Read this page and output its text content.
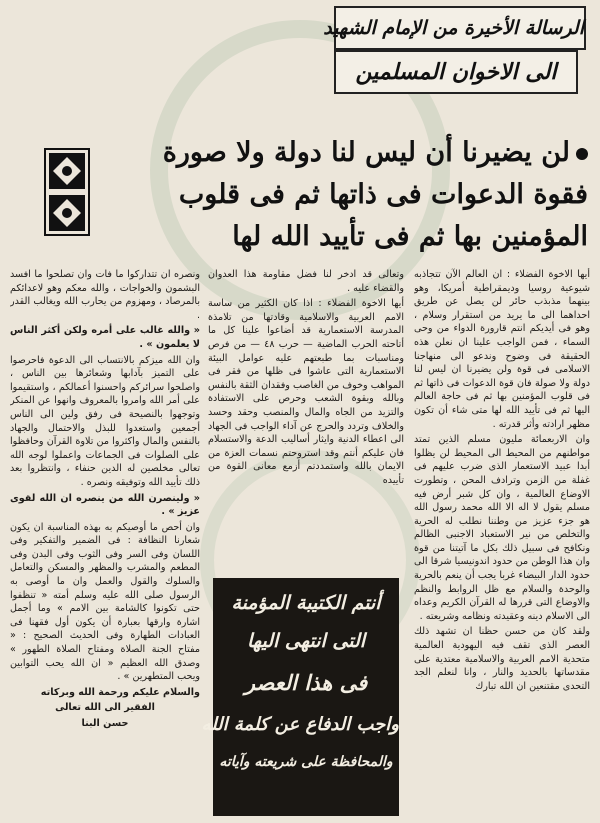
الرسالة الأخيرة من الإمام الشهيد
الى الاخوان المسلمين
لن يضيرنا أن ليس لنا دولة ولا صورة
فقوة الدعوات فى ذاتها ثم فى قلوب
المؤمنين بها ثم فى تأييد الله لها

أيها الاخوة الفضلاء : ان العالم الآن تتجاذبه شيوعية روسيا وديمقراطية أمريكا، وهو بينهما مذبذب حائر لن يصل عن طريق احداهما الى ما يريد من استقرار وسلام ، وهو فى أيديكم انتم قارورة الدواء من وحى السماء ، فمن الواجب علينا ان نعلن هذه الحقيقة فى وضوح وندعو الى منهاجنا الاسلامى فى قوة ولن يضيرنا ان ليس لنا دولة ولا صولة فان قوة الدعوات فى ذاتها ثم فى قلوب المؤمنين بها ثم فى حاجة العالم اليها ثم فى تأييد الله لها متى شاء أن تكون مظهر ارادته وأثر قدرته .

وان الاربعمائة مليون مسلم الذين تمتد مواطنهم من المحيط الى المحيط لن يظلوا أبدا عبيد الاستعمار الذى ضرب عليهم فى غفلة من الزمن وترادف المحن ، وتطورت الاوضاع العالمية ، وان كل شبر أرض فيه مسلم يقول لا اله الا الله محمد رسول الله هو جزء عزيز من وطننا نطلب له الحرية والتخلص من نير الاستعباد الاجنبى الظالم ونكافح فى سبيل ذلك بكل ما آتيتنا من قوة وان هذا الوطن من حدود اندونيسيا شرقا الى حدود الدار البيضاء غربا يجب أن ينعم بالحرية والوحدة والسلام مع ظل الروابط والنظم والاوضاع التى قررها له القرآن الكريم وعداه الى الاسلام دينه وعقيدته ونظامه وشريعته .

ولقد كان من حسن حظنا ان تشهد ذلك العصر الذى تقف فيه اليهودية العالمية متحدية الامم العربية والاسلامية معتدية على مقدساتها بالحديد والنار ، وانا لنعلم الجد التحدى مقتنعين ان الله تبارك

وتعالى قد ادخر لنا فضل مقاومة هذا العدوان والقضاء عليه .

أيها الاخوة الفضلاء : اذا كان الكثير من ساسة الامم العربية والاسلامية وقادتها من تلامذة المدرسة الاستعمارية قد أضاعوا علينا كل ما أتاحته الحرب الماضية — حرب ٤٨ — من فرص ومناسبات بما طبعتهم عليه عوامل البيئة الاستعمارية التى عاشوا فى ظلها من فقر فى المواهب وخوف من الغاصب وفقدان الثقة بالنفس وبالله وبقوة الشعب وحرص على الاستفادة والتزيد من الجاه والمال والمنصب وحقد وحسد والخلاف وتردد والحرج عن آداء الواجب فى الجهاد الى اعطاء الدنية وايثار أساليب الدعة والاستسلام فان عليكم أنتم وقد استروحتم نسمات العزة من الايمان بالله واستمددتم أزمع معانى القوة من تأييده

ونصره ان تتداركوا ما فات وان تصلحوا ما افسد البشمون والخواجات ، والله معكم وهو لاعدائكم بالمرصاد ، ومهزوم من يحارب الله ويغالب القدر .

« والله غالب على أمره ولكن أكثر الناس لا يعلمون » .

وان الله ميزكم بالانتساب الى الدعوة فاحرصوا على التميز بآدابها وشعائرها بين الناس ، واصلحوا سرائركم واحسنوا أعمالكم ، واستقيموا على أمر الله وامروا بالمعروف وانهوا عن المنكر وتوجهوا بالنصيحة فى رفق ولين الى الناس أجمعين واستعدوا للبذل والاحتمال والجهاد بالنفس والمال واكثروا من تلاوة القرآن وحافظوا على الصلوات فى الجماعات واعملوا لوجه الله تعالى مخلصين له الدين حنفاء ، وانتظروا بعد ذلك تأييد الله وتوفيقه ونصره .

« ولينصرن الله من ينصره ان الله لقوى عزيز » .

وان أحص ما أوصيكم به بهذه المناسبة ان يكون شعارنا النظافة : فى الضمير والتفكير وفى اللسان وفى السر وفى الثوب وفى البدن وفى المطعم والمشرب والمظهر والمسكن والتعامل والسلوك والقول والعمل وان ما أوصى به الرسول صلى الله عليه وسلم أمته « تنظفوا حتى تكونوا كالشامة بين الامم » وما أجمل اشارة وارقها بعبارة أن يكون أول فقهنا فى العبادات الطهارة وفى الحديث الصحيح : « مفتاح الجنة الصلاة ومفتاح الصلاة الطهور » وصدق الله العظيم « ان الله يحب التوابين ويحب المتطهرين » .

والسلام عليكم ورحمة الله وبركاته

الفقير الى الله تعالى

حسن البنا

أنتم الكتيبة المؤمنة
التى انتهى اليها
فى هذا العصر
واجب الدفاع عن كلمة الله
والمحافظة على شريعته وآياته
